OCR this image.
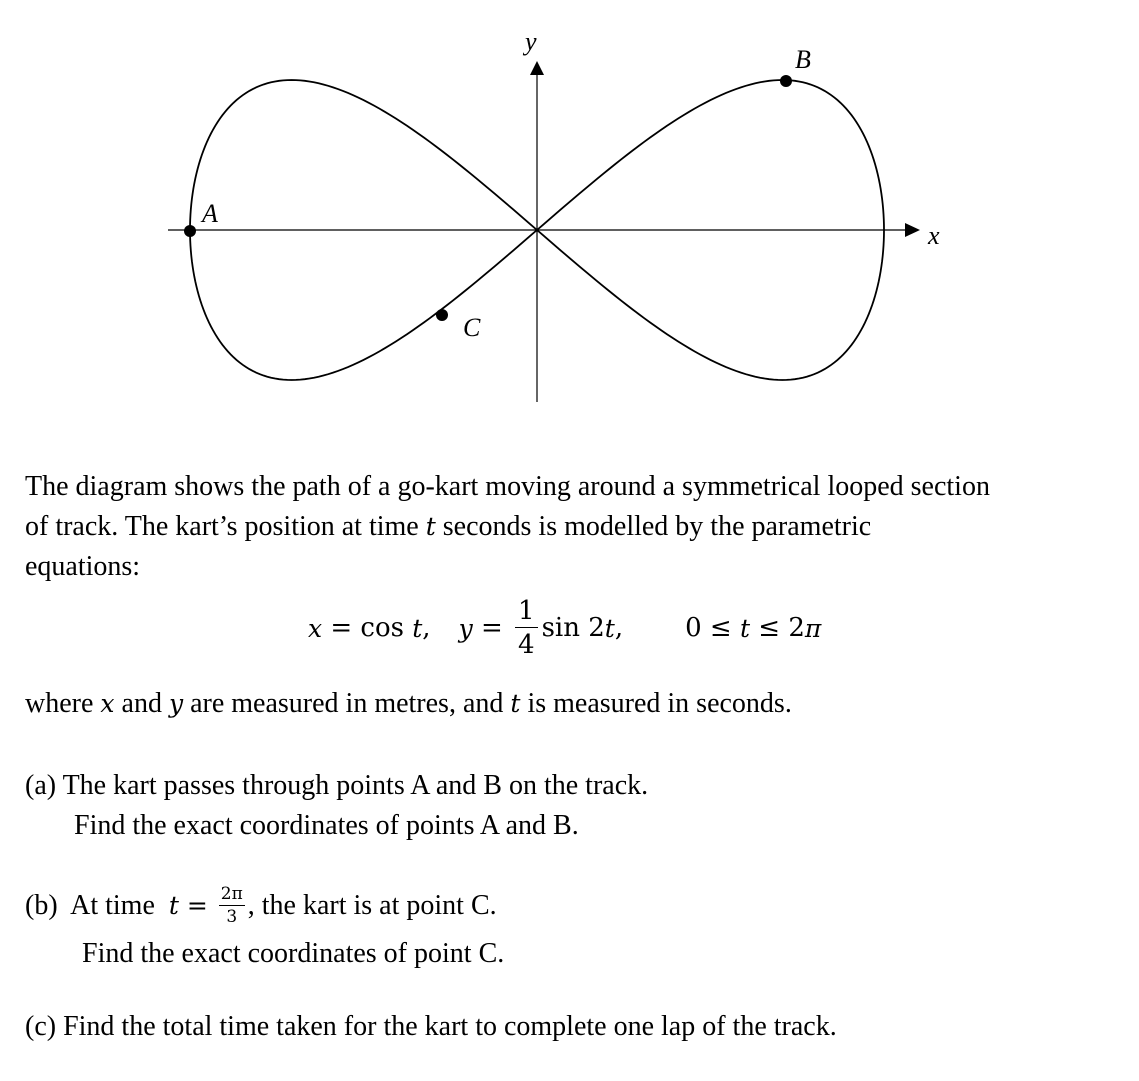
x
y
A
B
C

The diagram shows the path of a go-kart moving around a symmetrical looped section

of track. The kart’s position at time t seconds is modelled by the parametric

equations:

x = cos t , $y = \frac{1}{4}$ sin 2 t , 0 ≤ t ≤ 2 π

where x and y are measured in metres, and t is measured in seconds.

(a) The kart passes through points A and B on the track.

Find the exact coordinates of points A and B.

(b)  At time  $t = \frac{2\pi}{3}$ , the kart is at point C.

Find the exact coordinates of point C.

(c) Find the total time taken for the kart to complete one lap of the track.
